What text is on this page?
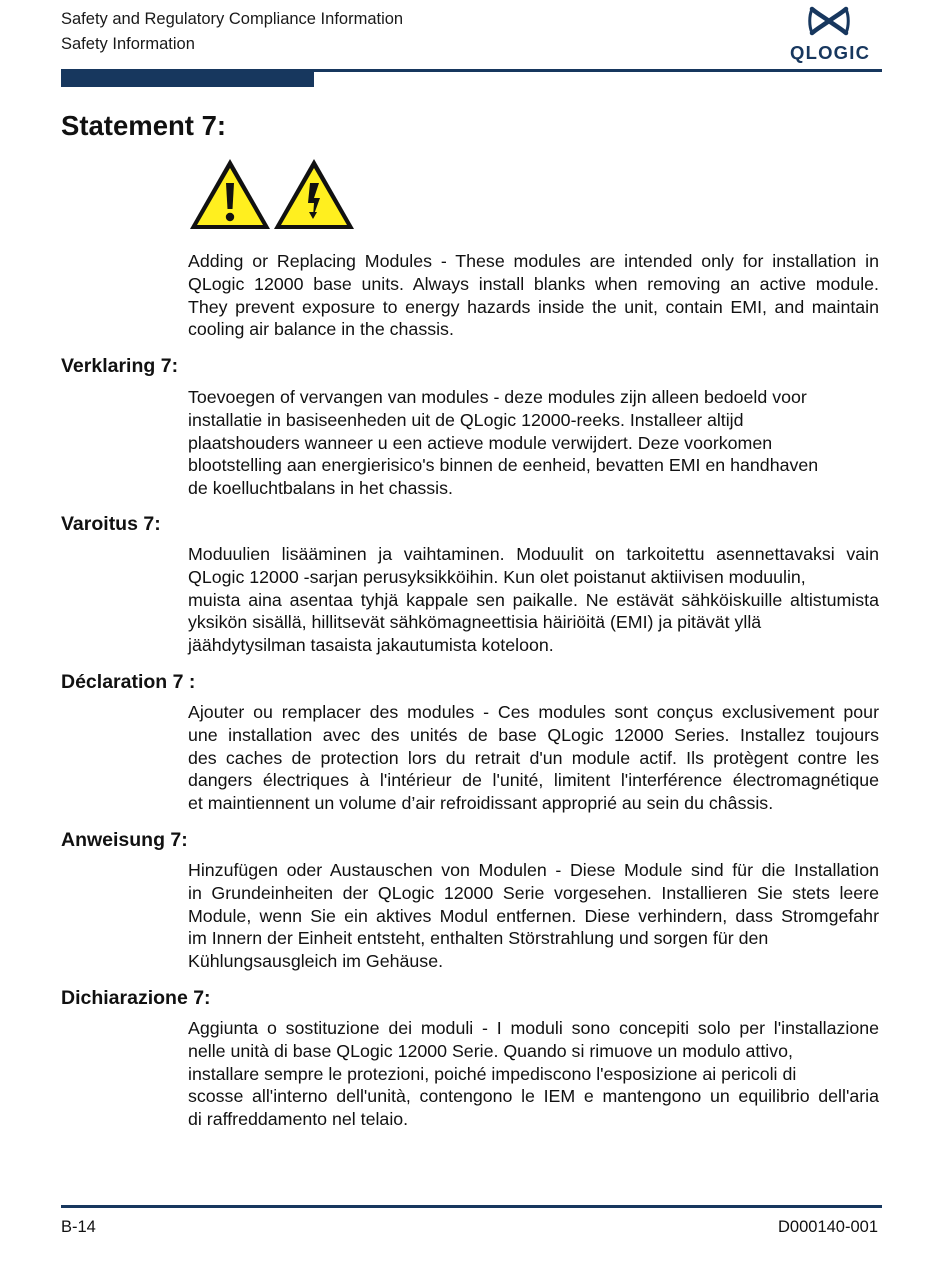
Safety and Regulatory Compliance Information
Safety Information	QLOGIC
Statement 7:
Adding or Replacing Modules - These modules are intended only for installation in
QLogic 12000 base units. Always install blanks when removing an active module.
They prevent exposure to energy hazards inside the unit, contain EMI, and maintain
cooling air balance in the chassis.
Verklaring 7:
Toevoegen of vervangen van modules - deze modules zijn alleen bedoeld voor
installatie in basiseenheden uit de QLogic 12000-reeks. Installeer altijd
plaatshouders wanneer u een actieve module verwijdert. Deze voorkomen
blootstelling aan energierisico's binnen de eenheid, bevatten EMI en handhaven
de koelluchtbalans in het chassis.
Varoitus 7:
Moduulien lisääminen ja vaihtaminen. Moduulit on tarkoitettu asennettavaksi vain
QLogic 12000 -sarjan perusyksikköihin. Kun olet poistanut aktiivisen moduulin,
muista aina asentaa tyhjä kappale sen paikalle. Ne estävät sähköiskuille altistumista
yksikön sisällä, hillitsevät sähkömagneettisia häiriöitä (EMI) ja pitävät yllä
jäähdytysilman tasaista jakautumista koteloon.
Déclaration 7 :
Ajouter ou remplacer des modules - Ces modules sont conçus exclusivement pour
une installation avec des unités de base QLogic 12000 Series. Installez toujours
des caches de protection lors du retrait d'un module actif. Ils protègent contre les
dangers électriques à l'intérieur de l'unité, limitent l'interférence électromagnétique
et maintiennent un volume d’air refroidissant approprié au sein du châssis.
Anweisung 7:
Hinzufügen oder Austauschen von Modulen - Diese Module sind für die Installation
in Grundeinheiten der QLogic 12000 Serie vorgesehen. Installieren Sie stets leere
Module, wenn Sie ein aktives Modul entfernen. Diese verhindern, dass Stromgefahr
im Innern der Einheit entsteht, enthalten Störstrahlung und sorgen für den
Kühlungsausgleich im Gehäuse.
Dichiarazione 7:
Aggiunta o sostituzione dei moduli - I moduli sono concepiti solo per l'installazione
nelle unità di base QLogic 12000 Serie. Quando si rimuove un modulo attivo,
installare sempre le protezioni, poiché impediscono l'esposizione ai pericoli di
scosse all'interno dell'unità, contengono le IEM e mantengono un equilibrio dell'aria
di raffreddamento nel telaio.
B-14	D000140-001
